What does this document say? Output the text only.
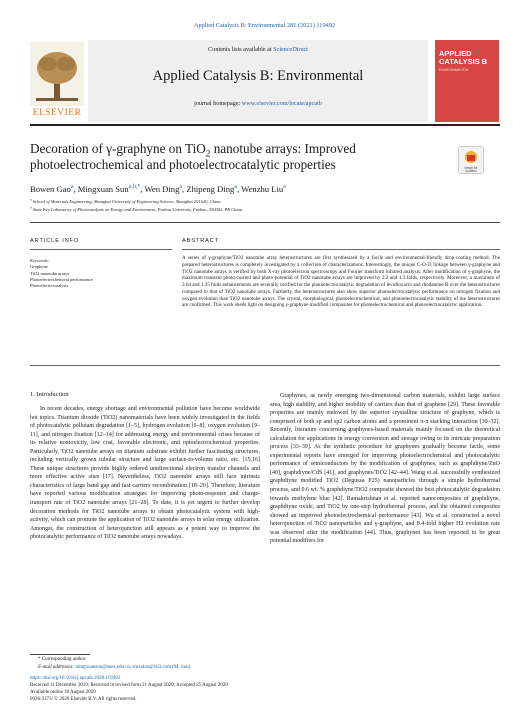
Applied Catalysis B: Environmental 281 (2021) 119492
ELSEVIER
Contents lists available at ScienceDirect
Applied Catalysis B: Environmental
journal homepage: www.elsevier.com/locate/apcatb
APPLIED CATALYSIS B
ENVIRONMENTAL
Decoration of γ-graphyne on TiO$_2$ nanotube arrays: Improved photoelectrochemical and photoelectrocatalytic properties	check for
updates
Bowen Gao$^a$, Mingxuan Sun$^{a,b,*}$, Wen Ding$^a$, Zhipeng Ding$^a$, Wenzhu Liu$^a$
$^a$ School of Materials Engineering, Shanghai University of Engineering Science, Shanghai 201620, China
$^b$ State Key Laboratory of Photocatalysis on Energy and Environment, Fuzhou University, Fuzhou, 350002, PR China
ARTICLE INFO	ABSTRACT
Keywords:
Graphyne
TiO2 nanotube arrays
Photoelectrochemical performance
Photoelectrocatalysis
A series of γ-graphyne/TiO2 nanotube array heterostructures are first synthesized by a facile and environmental-friendly drop-coating method. The prepared heterostructures is completely investigated by a collection of characterizations. Interestingly, the unique C-O-Ti linkage between γ-graphyne and TiO2 nanotube arrays is verified by both X-ray photoelectron spectroscopy and Fourier transform infrared analysis. After modification of γ-graphyne, the maximum transient photo-current and photo-potential of TiO2 nanotube arrays are improved by 2.2 and 1.3 folds, respectively. Moreover, a maximum of 3.64 and 1.35 folds enhancements are severally verified for the photoelectrocatalytic degradation of levofloxacin and rhodamine B over the heterostructures compared to that of TiO2 nanotube arrays. Furtherly, the heterostructures also show superior photoelectrocatalytic performance on nitrogen fixation and oxygen evolution than TiO2 nanotube arrays. The crystal, morphological, photoelectrochemical, and photoelectrocatalytic stability of the heterostructures are confirmed. This work sheds light on designing γ-graphyne modified composites for photoelectrochemical and photoelectrocatalytic application.
1. Introduction
In recent decades, energy shortage and environmental pollution have become worldwide hot topics. Titanium dioxide (TiO2) nanomaterials have been widely investigated in the fields of photocatalytic pollutant degradation [1–5], hydrogen evolution [6–8], oxygen evolution [9–11], and nitrogen fixation [12–14] for addressing energy and environmental crises because of its relative nontoxicity, low cost, favorable electronic, and optoelectrochemical properties. Particularly, TiO2 nanotube arrays on titanium substrate exhibit further fascinating structures, including vertically grown tubular structure and large surface-to-volume ratio, etc. [15,16] These unique structures provide highly ordered unidirectional electron transfer channels and more effective active sites [17]. Nevertheless, TiO2 nanotube arrays still face intrinsic characteristics of large band gap and fast carriers recombination [18–20]. Therefore, literature have reported various modification strategies for improving photo-response and charge-transport rate of TiO2 nanotube arrays [21–28]. To date, it is yet urgent to further develop decoration methods for TiO2 nanotube arrays to obtain photocatalytic system with high-activity, which can promote the application of TiO2 nanotube arrays in solar energy utilization. Amongst, the construction of heterojunction still appears as a potent way to improve the photocatalytic performance of TiO2 nanotube arrays nowadays.
Graphynes, as newly emerging two-dimensional carbon materials, exhibit large surface area, high stability, and higher mobility of carriers than that of graphene [29]. These favorable properties are mainly endowed by the superior crystalline structure of graphyne, which is comprised of both sp and sp2 carbon atoms and a prominent π-π stacking interaction [30–32]. Recently, literature concerning graphynes-based materials mainly focused on the theoretical calculation for applications in energy conversion and storage owing to its intricate preparation process [33–39]. As the synthetic procedure for graphynes gradually become facile, some experimental reports have emerged for improving photoelectrochemical and photocatalytic performance of semiconductors by the modification of graphynes, such as graphdiyne/ZnO [40], graphdiyne/CdS [41], and graphynes/TiO2 [42–44]. Wang et al. successfully synthesized graphdiyne modified TiO2 (Degussa P25) nanoparticles through a simple hydrothermal process, and 0.6 wt. % graphdiyne/TiO2 composite showed the best photocatalytic degradation towards methylene blue [42]. Ramakrishnan et al. reported nanocomposites of graphdiyne, graphdiyne oxide, and TiO2 by one-step hydrothermal process, and the obtained composites showed an improved photoelectrochemical performance [43]. Wu et al. constructed a novel heterojunction of TiO2 nanoparticles and γ-graphyne, and 8.4-fold higher H2 evolution rate was observed after the modification [44]. Thus, graphynes has been reported to be great potential modifiers for
* Corresponding author.
E-mail addresses: mingxuansun@sues.edu.cn, smxalan@163.com (M. Sun).
https://doi.org/10.1016/j.apcatb.2020.119492
Received 11 December 2019; Received in revised form 21 August 2020; Accepted 25 August 2020
Available online 30 August 2020
0926-3373/ © 2020 Elsevier B.V. All rights reserved.
